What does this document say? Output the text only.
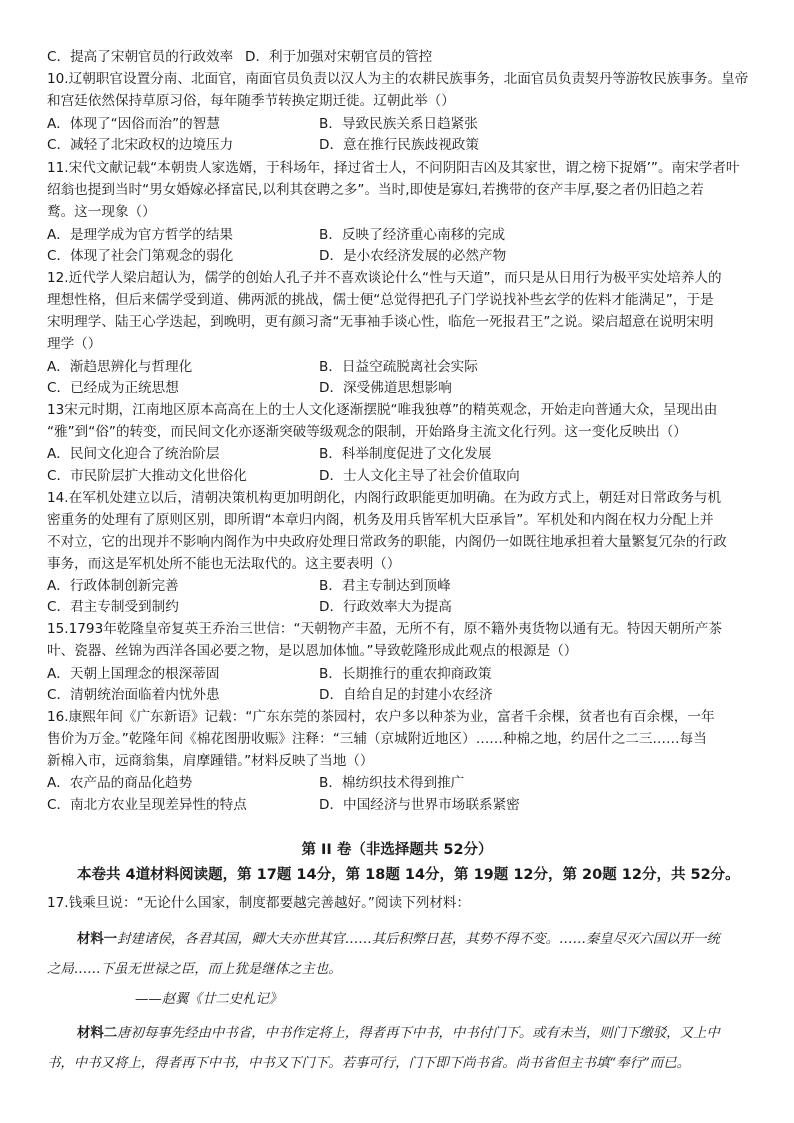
C．提高了宋朝官员的行政效率 D．利于加强对宋朝官员的管控
10.辽朝职官设置分南、北面官，南面官员负责以汉人为主的农耕民族事务，北面官员负责契丹等游牧民族事务。皇帝
和宫廷依然保持草原习俗，每年随季节转换定期迁徙。辽朝此举（）
A．体现了“因俗而治”的智慧	B．导致民族关系日趋紧张
C．减轻了北宋政权的边境压力	D．意在推行民族歧视政策
11.宋代文献记载“本朝贵人家选婿，于科场年，择过省士人，不问阴阳吉凶及其家世，谓之榜下捉婿’”。南宋学者叶
绍翁也提到当时“男女婚嫁必择富民,以利其奁聘之多”。当时,即使是寡妇,若携带的奁产丰厚,娶之者仍旧趋之若
鹜。这一现象（）
A．是理学成为官方哲学的结果	B．反映了经济重心南移的完成
C．体现了社会门第观念的弱化	D．是小农经济发展的必然产物
12.近代学人梁启超认为，儒学的创始人孔子并不喜欢谈论什么“性与天道”，而只是从日用行为极平实处培养人的
理想性格，但后来儒学受到道、佛两派的挑战，儒士便“总觉得把孔子门学说找补些玄学的佐料才能满足”，于是
宋明理学、陆王心学迭起，到晚明，更有颜习斋“无事袖手谈心性，临危一死报君王”之说。梁启超意在说明宋明
理学（）
A．渐趋思辨化与哲理化	B．日益空疏脱离社会实际
C．已经成为正统思想	D．深受佛道思想影响
13宋元时期，江南地区原本高高在上的士人文化逐渐摆脱“唯我独尊”的精英观念，开始走向普通大众，呈现出由
“雅”到“俗”的转变，而民间文化亦逐渐突破等级观念的限制，开始路身主流文化行列。这一变化反映出（）
A．民间文化迎合了统治阶层	B．科举制度促进了文化发展
C．市民阶层扩大推动文化世俗化	D．士人文化主导了社会价值取向
14.在军机处建立以后，清朝决策机构更加明朗化，内阁行政职能更加明确。在为政方式上，朝廷对日常政务与机
密重务的处理有了原则区别，即所谓“本章归内阁，机务及用兵皆军机大臣承旨”。军机处和内阁在权力分配上并
不对立，它的出现并不影响内阁作为中央政府处理日常政务的职能，内阁仍一如既往地承担着大量繁复冗杂的行政
事务，而这是军机处所不能也无法取代的。这主要表明（）
A．行政体制创新完善	B．君主专制达到顶峰
C．君主专制受到制约	D．行政效率大为提高
15.1793年乾隆皇帝复英王乔治三世信：“天朝物产丰盈，无所不有，原不籍外夷货物以通有无。特因天朝所产茶
叶、瓷器、丝锦为西洋各国必要之物，是以恩加体恤。”导致乾隆形成此观点的根源是（）
A．天朝上国理念的根深蒂固	B．长期推行的重农抑商政策
C．清朝统治面临着内忧外患	D．自给自足的封建小农经济
16.康熙年间《广东新语》记载：“广东东莞的茶园村，农户多以种茶为业，富者千余棵，贫者也有百余棵，一年
售价为万金。”乾隆年间《棉花图册收赈》注释：“三辅（京城附近地区）……种棉之地，约居什之二三……每当
新棉入市，远商翁集，肩摩踵错。”材料反映了当地（）
A．农产品的商品化趋势	B．棉纺织技术得到推广
C．南北方农业呈现差异性的特点	D．中国经济与世界市场联系紧密
第 II 卷（非选择题共 52分）
本卷共 4道材料阅读题，第 17题 14分，第 18题 14分，第 19题 12分，第 20题 12分，共 52分。
17.钱乘旦说：“无论什么国家，制度都要越完善越好。”阅读下列材料：
材料一封建诸侯，各君其国，卿大夫亦世其官……其后积弊日甚，其势不得不变。……秦皇尽灭六国以开一统
之局……下虽无世禄之臣，而上犹是继体之主也。
——赵翼《廿二史札记》
材料二唐初每事先经由中书省，中书作定将上，得者再下中书，中书付门下。或有未当，则门下缴驳，又上中
书，中书又将上，得者再下中书，中书又下门下。若事可行，门下即下尚书省。尚书省但主书填“奉行”而已。
